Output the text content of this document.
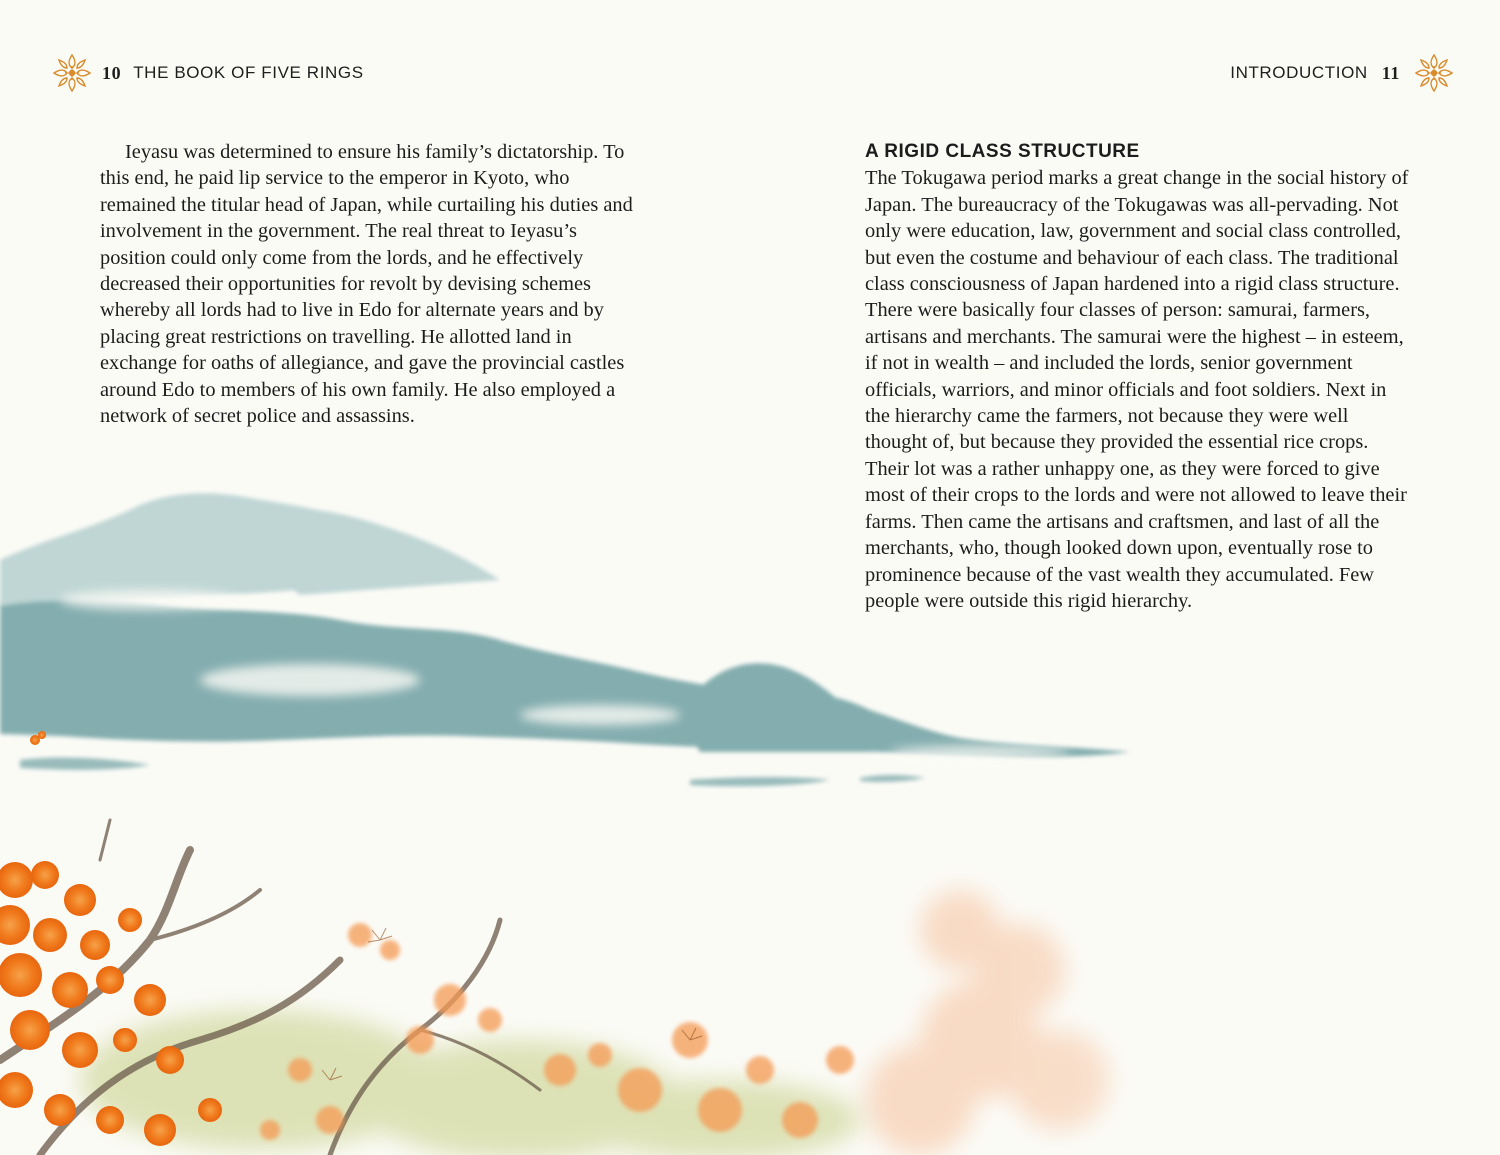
10 THE BOOK OF FIVE RINGS	INTRODUCTION 11

Ieyasu was determined to ensure his family’s dictatorship. To this end, he paid lip service to the emperor in Kyoto, who remained the titular head of Japan, while curtailing his duties and involvement in the government. The real threat to Ieyasu’s position could only come from the lords, and he effectively decreased their opportunities for revolt by devising schemes whereby all lords had to live in Edo for alternate years and by placing great restrictions on travelling. He allotted land in exchange for oaths of allegiance, and gave the provincial castles around Edo to members of his own family. He also employed a network of secret police and assassins.

A RIGID CLASS STRUCTURE

The Tokugawa period marks a great change in the social history of Japan. The bureaucracy of the Tokugawas was all-pervading. Not only were education, law, government and social class controlled, but even the costume and behaviour of each class. The traditional class consciousness of Japan hardened into a rigid class structure. There were basically four classes of person: samurai, farmers, artisans and merchants. The samurai were the highest – in esteem, if not in wealth – and included the lords, senior government officials, warriors, and minor officials and foot soldiers. Next in the hierarchy came the farmers, not because they were well thought of, but because they provided the essential rice crops. Their lot was a rather unhappy one, as they were forced to give most of their crops to the lords and were not allowed to leave their farms. Then came the artisans and craftsmen, and last of all the merchants, who, though looked down upon, eventually rose to prominence because of the vast wealth they accumulated. Few people were outside this rigid hierarchy.
